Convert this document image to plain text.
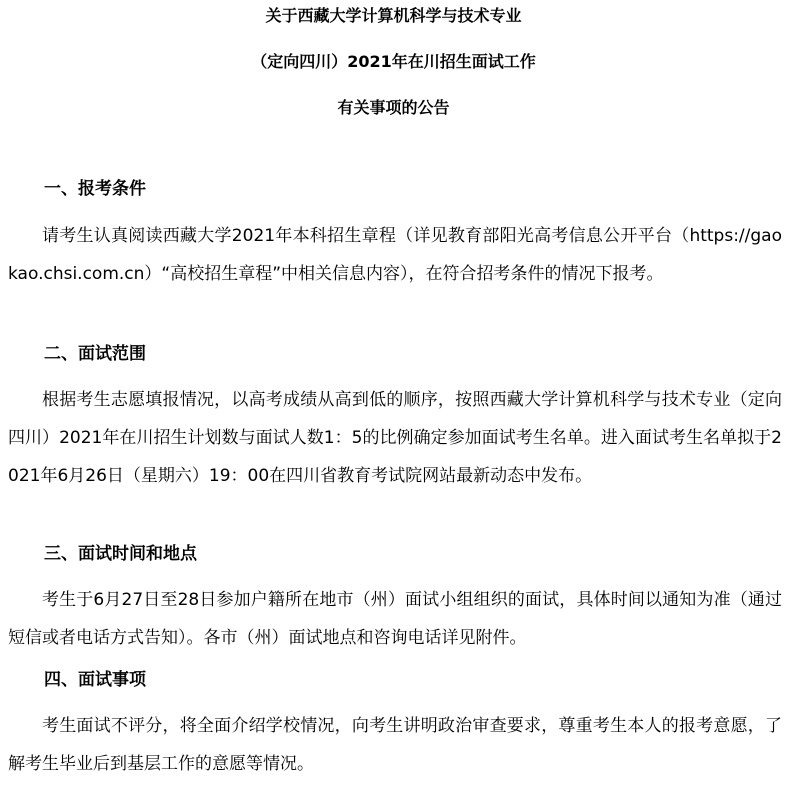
关于西藏大学计算机科学与技术专业
（定向四川）2021年在川招生面试工作
有关事项的公告
一、报考条件

请考生认真阅读西藏大学2021年本科招生章程（详见教育部阳光高考信息公开平台（https://gaokao.chsi.com.cn）“高校招生章程”中相关信息内容），在符合招考条件的情况下报考。

二、面试范围

根据考生志愿填报情况，以高考成绩从高到低的顺序，按照西藏大学计算机科学与技术专业（定向四川）2021年在川招生计划数与面试人数1：5的比例确定参加面试考生名单。进入面试考生名单拟于2021年6月26日（星期六）19：00在四川省教育考试院网站最新动态中发布。

三、面试时间和地点

考生于6月27日至28日参加户籍所在地市（州）面试小组组织的面试，具体时间以通知为准（通过短信或者电话方式告知）。各市（州）面试地点和咨询电话详见附件。

四、面试事项

考生面试不评分，将全面介绍学校情况，向考生讲明政治审查要求，尊重考生本人的报考意愿，了解考生毕业后到基层工作的意愿等情况。
